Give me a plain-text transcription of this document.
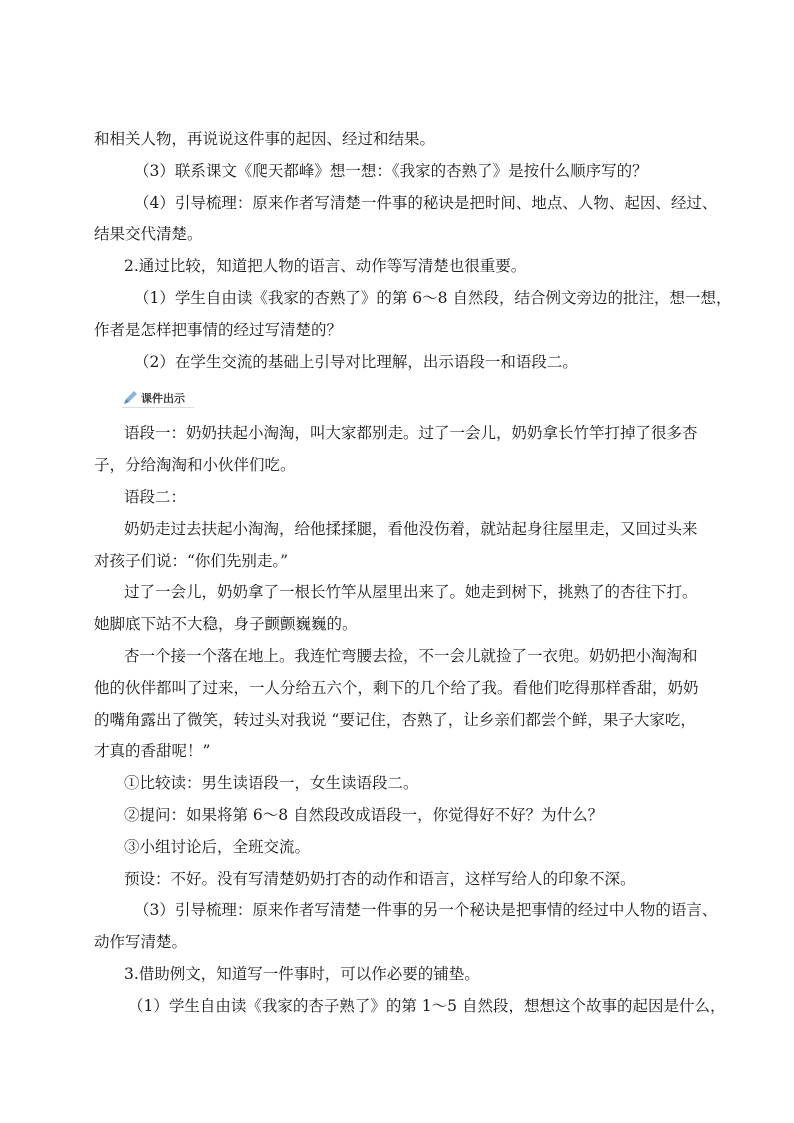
和相关人物，再说说这件事的起因、经过和结果。
（3）联系课文《爬天都峰》想一想：《我家的杏熟了》是按什么顺序写的？
（4）引导梳理：原来作者写清楚一件事的秘诀是把时间、地点、人物、起因、经过、
结果交代清楚。
2.通过比较，知道把人物的语言、动作等写清楚也很重要。
（1）学生自由读《我家的杏熟了》的第 6～8 自然段，结合例文旁边的批注，想一想，
作者是怎样把事情的经过写清楚的？
（2）在学生交流的基础上引导对比理解，出示语段一和语段二。
课件出示
语段一：奶奶扶起小淘淘，叫大家都别走。过了一会儿，奶奶拿长竹竿打掉了很多杏
子，分给淘淘和小伙伴们吃。
语段二：
奶奶走过去扶起小淘淘，给他揉揉腿，看他没伤着，就站起身往屋里走，又回过头来
对孩子们说：“你们先别走。”
过了一会儿，奶奶拿了一根长竹竿从屋里出来了。她走到树下，挑熟了的杏往下打。
她脚底下站不大稳，身子颤颤巍巍的。
杏一个接一个落在地上。我连忙弯腰去捡，不一会儿就捡了一衣兜。奶奶把小淘淘和
他的伙伴都叫了过来，一人分给五六个，剩下的几个给了我。看他们吃得那样香甜，奶奶
的嘴角露出了微笑，转过头对我说 “要记住，杏熟了，让乡亲们都尝个鲜，果子大家吃，
才真的香甜呢！”
①比较读：男生读语段一，女生读语段二。
②提问：如果将第 6～8 自然段改成语段一，你觉得好不好？为什么？
③小组讨论后，全班交流。
预设：不好。没有写清楚奶奶打杏的动作和语言，这样写给人的印象不深。
（3）引导梳理：原来作者写清楚一件事的另一个秘诀是把事情的经过中人物的语言、
动作写清楚。
3.借助例文，知道写一件事时，可以作必要的铺垫。
（1）学生自由读《我家的杏子熟了》的第 1～5 自然段，想想这个故事的起因是什么，
